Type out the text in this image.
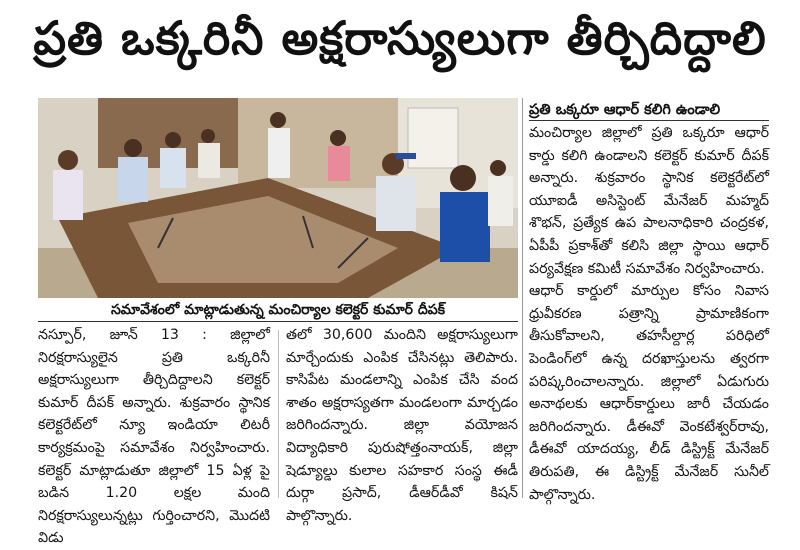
ప్రతి ఒక్కరినీ అక్షరాస్యులుగా తీర్చిదిద్దాలి
సమావేశంలో మాట్లాడుతున్న మంచిర్యాల కలెక్టర్ కుమార్ దీపక్

నస్పూర్, జూన్ 13 : జిల్లాలో నిరక్షరాస్యులైన ప్రతి ఒక్కరినీ అక్షరాస్యులుగా తీర్చిదిద్దాలని కలెక్టర్ కుమార్ దీపక్ అన్నారు. శుక్రవారం స్థానిక కలెక్టరేట్‌లో న్యూ ఇండియా లిటరీ కార్యక్రమంపై సమావేశం నిర్వహించారు. కలెక్టర్ మాట్లాడుతూ జిల్లాలో 15 ఏళ్ల పై బడిన 1.20 లక్షల మంది నిరక్షరాస్యులున్నట్లు గుర్తించారని, మొదటి విడు

తలో 30,600 మందిని అక్షరాస్యులుగా మార్చేందుకు ఎంపిక చేసినట్లు తెలిపారు. కాసిపేట మండలాన్ని ఎంపిక చేసి వంద శాతం అక్షరాస్యతగా మండలంగా మార్చడం జరిగిందన్నారు. జిల్లా వయోజన విద్యాధికారి పురుషోత్తంనాయక్, జిల్లా షెడ్యూల్డు కులాల సహకార సంస్థ ఈడీ దుర్గా ప్రసాద్, డీఆర్‌డీవో కిషన్ పాల్గొన్నారు.

ప్రతి ఒక్కరూ ఆధార్ కలిగి ఉండాలి

మంచిర్యాల జిల్లాలో ప్రతి ఒక్కరూ ఆధార్ కార్డు కలిగి ఉండాలని కలెక్టర్ కుమార్ దీపక్ అన్నారు. శుక్రవారం స్థానిక కలెక్టరేట్‌లో యూఐడీ అసిస్టెంట్ మేనేజర్ మహ్మద్ శొభన్, ప్రత్యేక ఉప పాలనాధికారి చంద్రకళ, ఏపీపీ ప్రకాశ్‌తో కలిసి జిల్లా స్థాయి ఆధార్ పర్యవేక్షణ కమిటీ సమావేశం నిర్వహించారు.

ఆధార్ కార్డులో మార్పుల కోసం నివాస ధ్రువీకరణ పత్రాన్ని ప్రామాణికంగా తీసుకోవాలని, తహసీల్దార్ల పరిధిలో పెండింగ్‌లో ఉన్న దరఖాస్తులను త్వరగా పరిష్కరించాలన్నారు. జిల్లాలో ఏడుగురు అనాథలకు ఆధార్‌కార్డులు జారీ చేయడం జరిగిందన్నారు. డీఈవో వెంకటేశ్వర్‌రావు, డీఈవో యాదయ్య, లీడ్ డిస్ట్రిక్ట్ మేనేజర్ తిరుపతి, ఈ డిస్ట్రిక్ట్ మేనేజర్ సునీల్ పాల్గొన్నారు.
